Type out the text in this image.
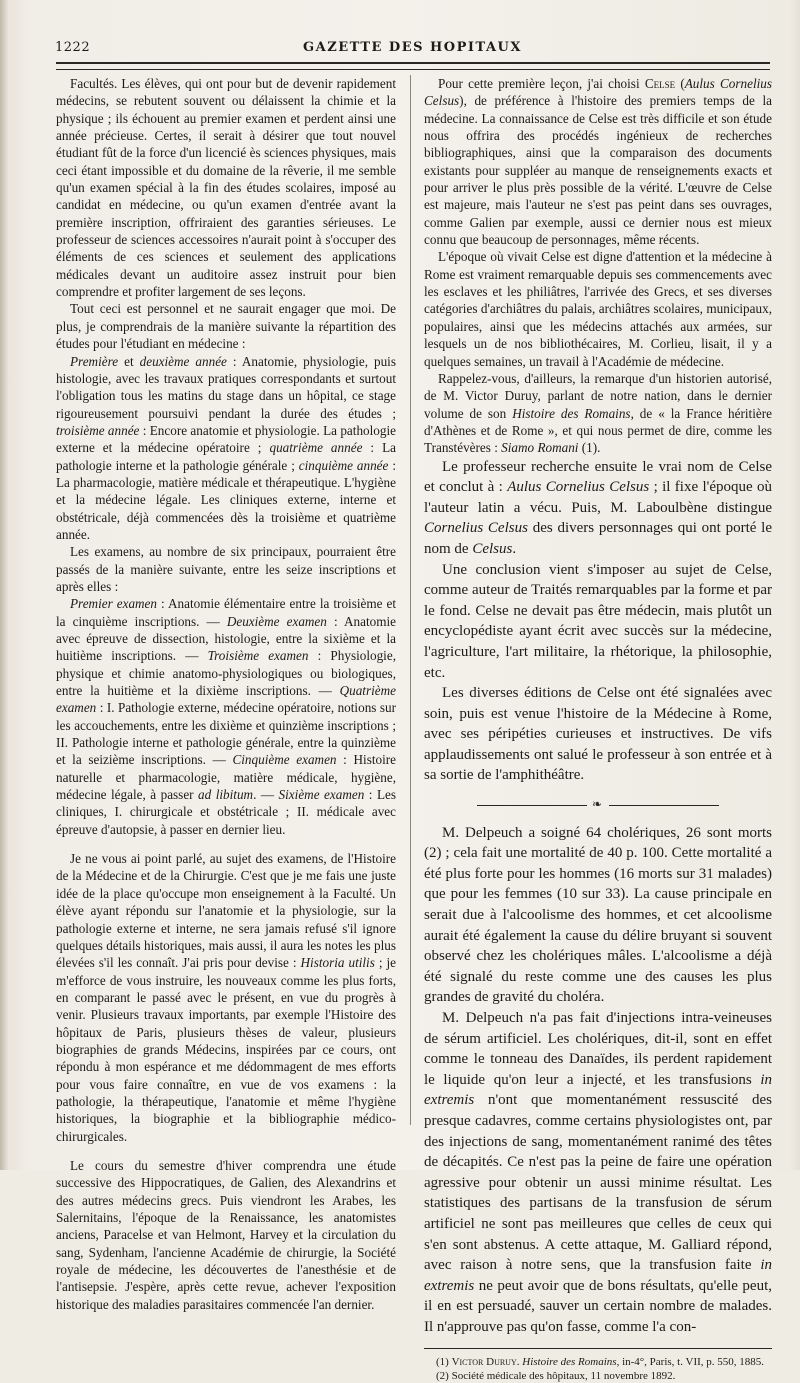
1222	GAZETTE DES HOPITAUX

Facultés. Les élèves, qui ont pour but de devenir rapidement médecins, se rebutent souvent ou délaissent la chimie et la physique ; ils échouent au premier examen et perdent ainsi une année précieuse. Certes, il serait à désirer que tout nouvel étudiant fût de la force d'un licencié ès sciences physiques, mais ceci étant impossible et du domaine de la rêverie, il me semble qu'un examen spécial à la fin des études scolaires, imposé au candidat en médecine, ou qu'un examen d'entrée avant la première inscription, offriraient des garanties sérieuses. Le professeur de sciences accessoires n'aurait point à s'occuper des éléments de ces sciences et seulement des applications médicales devant un auditoire assez instruit pour bien comprendre et profiter largement de ses leçons.

Tout ceci est personnel et ne saurait engager que moi. De plus, je comprendrais de la manière suivante la répartition des études pour l'étudiant en médecine :

Première et deuxième année : Anatomie, physiologie, puis histologie, avec les travaux pratiques correspondants et surtout l'obligation tous les matins du stage dans un hôpital, ce stage rigoureusement poursuivi pendant la durée des études ; troisième année : Encore anatomie et physiologie. La pathologie externe et la médecine opératoire ; quatrième année : La pathologie interne et la pathologie générale ; cinquième année : La pharmacologie, matière médicale et thérapeutique. L'hygiène et la médecine légale. Les cliniques externe, interne et obstétricale, déjà commencées dès la troisième et quatrième année.

Les examens, au nombre de six principaux, pourraient être passés de la manière suivante, entre les seize inscriptions et après elles :

Premier examen : Anatomie élémentaire entre la troisième et la cinquième inscriptions. — Deuxième examen : Anatomie avec épreuve de dissection, histologie, entre la sixième et la huitième inscriptions. — Troisième examen : Physiologie, physique et chimie anatomo-physiologiques ou biologiques, entre la huitième et la dixième inscriptions. — Quatrième examen : I. Pathologie externe, médecine opératoire, notions sur les accouchements, entre les dixième et quinzième inscriptions ; II. Pathologie interne et pathologie générale, entre la quinzième et la seizième inscriptions. — Cinquième examen : Histoire naturelle et pharmacologie, matière médicale, hygiène, médecine légale, à passer ad libitum. — Sixième examen : Les cliniques, I. chirurgicale et obstétricale ; II. médicale avec épreuve d'autopsie, à passer en dernier lieu.

Je ne vous ai point parlé, au sujet des examens, de l'Histoire de la Médecine et de la Chirurgie. C'est que je me fais une juste idée de la place qu'occupe mon enseignement à la Faculté. Un élève ayant répondu sur l'anatomie et la physiologie, sur la pathologie externe et interne, ne sera jamais refusé s'il ignore quelques détails historiques, mais aussi, il aura les notes les plus élevées s'il les connaît. J'ai pris pour devise : Historia utilis ; je m'efforce de vous instruire, les nouveaux comme les plus forts, en comparant le passé avec le présent, en vue du progrès à venir. Plusieurs travaux importants, par exemple l'Histoire des hôpitaux de Paris, plusieurs thèses de valeur, plusieurs biographies de grands Médecins, inspirées par ce cours, ont répondu à mon espérance et me dédommagent de mes efforts pour vous faire connaître, en vue de vos examens : la pathologie, la thérapeutique, l'anatomie et même l'hygiène historiques, la biographie et la bibliographie médico-chirurgicales.

Le cours du semestre d'hiver comprendra une étude successive des Hippocratiques, de Galien, des Alexandrins et des autres médecins grecs. Puis viendront les Arabes, les Salernitains, l'époque de la Renaissance, les anatomistes anciens, Paracelse et van Helmont, Harvey et la circulation du sang, Sydenham, l'ancienne Académie de chirurgie, la Société royale de médecine, les découvertes de l'anesthésie et de l'antisepsie. J'espère, après cette revue, achever l'exposition historique des maladies parasitaires commencée l'an dernier.

Pour cette première leçon, j'ai choisi Celse (Aulus Cornelius Celsus), de préférence à l'histoire des premiers temps de la médecine. La connaissance de Celse est très difficile et son étude nous offrira des procédés ingénieux de recherches bibliographiques, ainsi que la comparaison des documents existants pour suppléer au manque de renseignements exacts et pour arriver le plus près possible de la vérité. L'œuvre de Celse est majeure, mais l'auteur ne s'est pas peint dans ses ouvrages, comme Galien par exemple, aussi ce dernier nous est mieux connu que beaucoup de personnages, même récents.

L'époque où vivait Celse est digne d'attention et la médecine à Rome est vraiment remarquable depuis ses commencements avec les esclaves et les philiâtres, l'arrivée des Grecs, et ses diverses catégories d'archiâtres du palais, archiâtres scolaires, municipaux, populaires, ainsi que les médecins attachés aux armées, sur lesquels un de nos bibliothécaires, M. Corlieu, lisait, il y a quelques semaines, un travail à l'Académie de médecine.

Rappelez-vous, d'ailleurs, la remarque d'un historien autorisé, de M. Victor Duruy, parlant de notre nation, dans le dernier volume de son Histoire des Romains, de « la France héritière d'Athènes et de Rome », et qui nous permet de dire, comme les Transtévères : Siamo Romani (1).

Le professeur recherche ensuite le vrai nom de Celse et conclut à : Aulus Cornelius Celsus ; il fixe l'époque où l'auteur latin a vécu. Puis, M. Laboulbène distingue Cornelius Celsus des divers personnages qui ont porté le nom de Celsus.

Une conclusion vient s'imposer au sujet de Celse, comme auteur de Traités remarquables par la forme et par le fond. Celse ne devait pas être médecin, mais plutôt un encyclopédiste ayant écrit avec succès sur la médecine, l'agriculture, l'art militaire, la rhétorique, la philosophie, etc.

Les diverses éditions de Celse ont été signalées avec soin, puis est venue l'histoire de la Médecine à Rome, avec ses péripéties curieuses et instructives. De vifs applaudissements ont salué le professeur à son entrée et à sa sortie de l'amphithéâtre.

❧

M. Delpeuch a soigné 64 cholériques, 26 sont morts (2) ; cela fait une mortalité de 40 p. 100. Cette mortalité a été plus forte pour les hommes (16 morts sur 31 malades) que pour les femmes (10 sur 33). La cause principale en serait due à l'alcoolisme des hommes, et cet alcoolisme aurait été également la cause du délire bruyant si souvent observé chez les cholériques mâles. L'alcoolisme a déjà été signalé du reste comme une des causes les plus grandes de gravité du choléra.

M. Delpeuch n'a pas fait d'injections intra-veineuses de sérum artificiel. Les cholériques, dit-il, sont en effet comme le tonneau des Danaïdes, ils perdent rapidement le liquide qu'on leur a injecté, et les transfusions in extremis n'ont que momentanément ressuscité des presque cadavres, comme certains physiologistes ont, par des injections de sang, momentanément ranimé des têtes de décapités. Ce n'est pas la peine de faire une opération agressive pour obtenir un aussi minime résultat. Les statistiques des partisans de la transfusion de sérum artificiel ne sont pas meilleures que celles de ceux qui s'en sont abstenus. A cette attaque, M. Galliard répond, avec raison à notre sens, que la transfusion faite in extremis ne peut avoir que de bons résultats, qu'elle peut, il en est persuadé, sauver un certain nombre de malades. Il n'approuve pas qu'on fasse, comme l'a con-

(1) Victor Duruy. Histoire des Romains, in-4°, Paris, t. VII, p. 550, 1885.

(2) Société médicale des hôpitaux, 11 novembre 1892.
